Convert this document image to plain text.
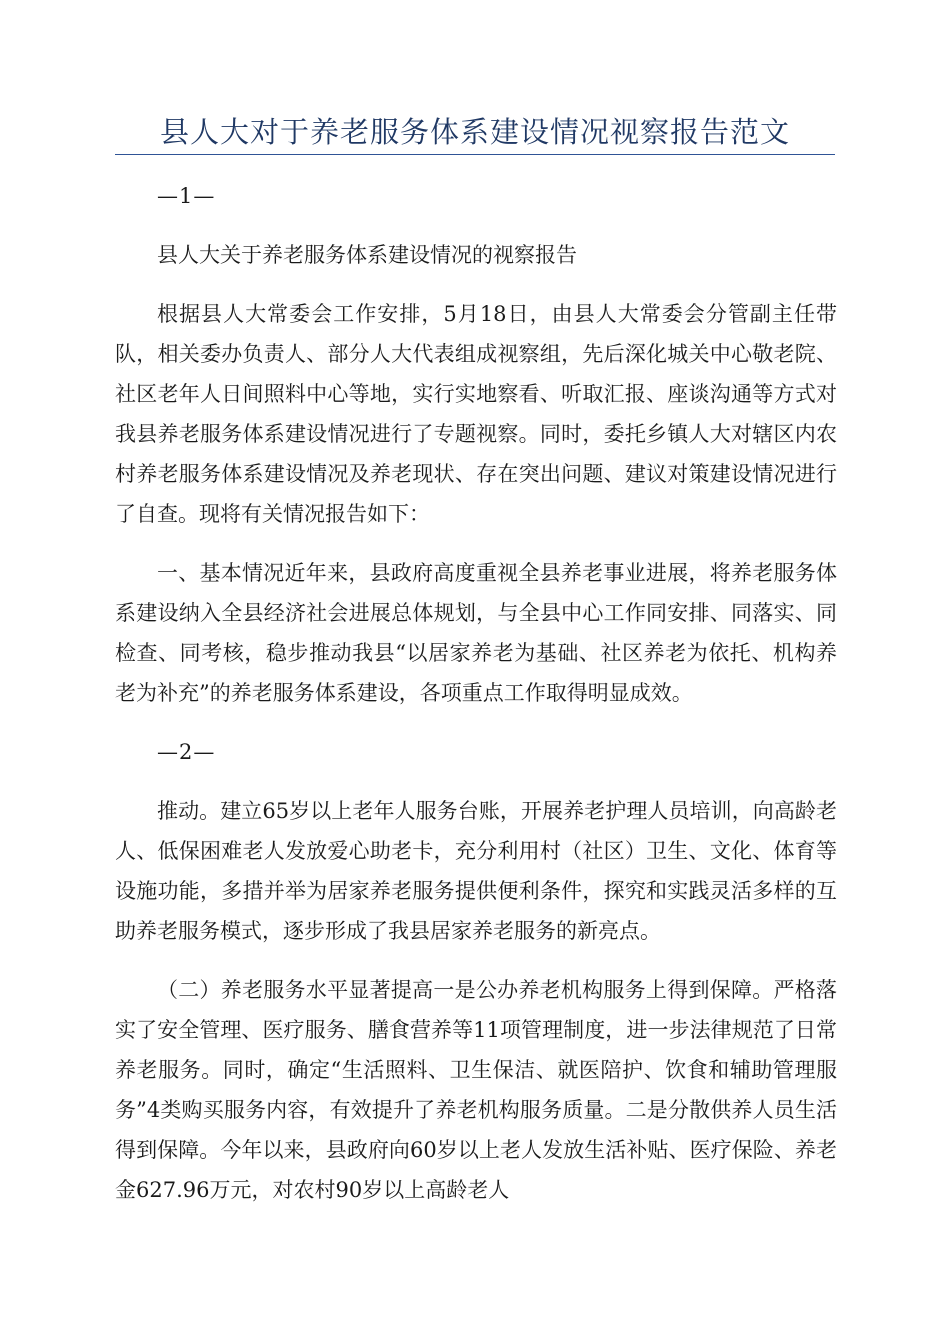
县人大对于养老服务体系建设情况视察报告范文
—1—

县人大关于养老服务体系建设情况的视察报告

根据县人大常委会工作安排，5月18日，由县人大常委会分管副主任带队，相关委办负责人、部分人大代表组成视察组，先后深化城关中心敬老院、社区老年人日间照料中心等地，实行实地察看、听取汇报、座谈沟通等方式对我县养老服务体系建设情况进行了专题视察。同时，委托乡镇人大对辖区内农村养老服务体系建设情况及养老现状、存在突出问题、建议对策建设情况进行了自查。现将有关情况报告如下：

一、基本情况近年来，县政府高度重视全县养老事业进展，将养老服务体系建设纳入全县经济社会进展总体规划，与全县中心工作同安排、同落实、同检查、同考核，稳步推动我县“以居家养老为基础、社区养老为依托、机构养老为补充”的养老服务体系建设，各项重点工作取得明显成效。

—2—

推动。建立65岁以上老年人服务台账，开展养老护理人员培训，向高龄老人、低保困难老人发放爱心助老卡，充分利用村（社区）卫生、文化、体育等设施功能，多措并举为居家养老服务提供便利条件，探究和实践灵活多样的互助养老服务模式，逐步形成了我县居家养老服务的新亮点。

（二）养老服务水平显著提高一是公办养老机构服务上得到保障。严格落实了安全管理、医疗服务、膳食营养等11项管理制度，进一步法律规范了日常养老服务。同时，确定“生活照料、卫生保洁、就医陪护、饮食和辅助管理服务”4类购买服务内容，有效提升了养老机构服务质量。二是分散供养人员生活得到保障。今年以来，县政府向60岁以上老人发放生活补贴、医疗保险、养老金627.96万元，对农村90岁以上高龄老人
